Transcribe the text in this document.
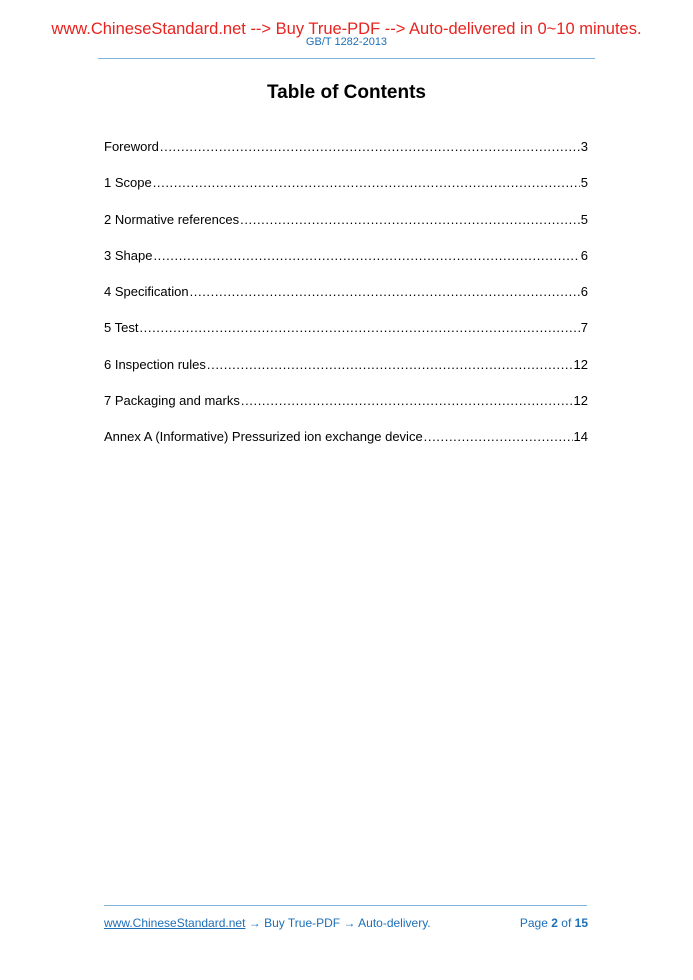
www.ChineseStandard.net --> Buy True-PDF --> Auto-delivered in 0~10 minutes.
GB/T 1282-2013
Table of Contents
Foreword .....	3
1 Scope .....	5
2 Normative references .....	5
3 Shape .....	6
4 Specification .....	6
5 Test .....	7
6 Inspection rules .....	12
7 Packaging and marks .....	12
Annex A (Informative) Pressurized ion exchange device .....	14
www.ChineseStandard.net → Buy True-PDF → Auto-delivery.	Page 2 of 15
